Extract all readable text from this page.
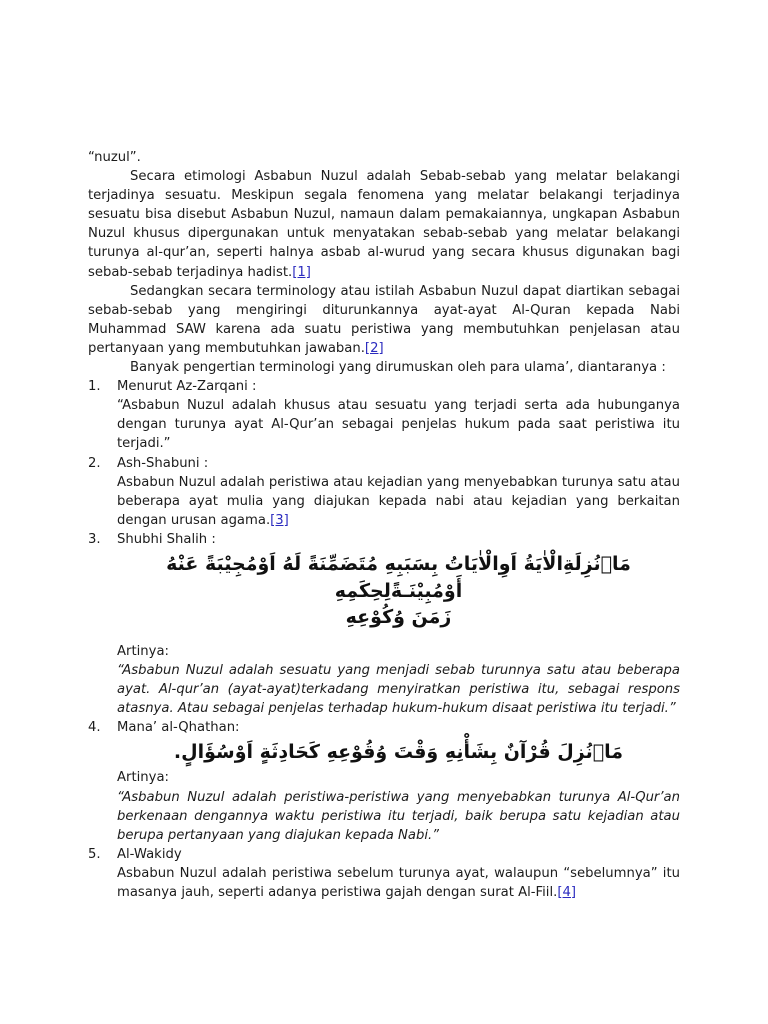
“nuzul”.

Secara etimologi Asbabun Nuzul adalah Sebab-sebab yang melatar belakangi terjadinya sesuatu. Meskipun segala fenomena yang melatar belakangi terjadinya sesuatu bisa disebut Asbabun Nuzul, namaun dalam pemakaiannya, ungkapan Asbabun Nuzul khusus dipergunakan untuk menyatakan sebab-sebab yang melatar belakangi turunya al-qur’an, seperti halnya asbab al-wurud yang secara khusus digunakan bagi sebab-sebab terjadinya hadist.[1]

Sedangkan secara terminology atau istilah Asbabun Nuzul dapat diartikan sebagai sebab-sebab yang mengiringi diturunkannya ayat-ayat Al-Quran kepada Nabi Muhammad SAW karena ada suatu peristiwa yang membutuhkan penjelasan atau pertanyaan yang membutuhkan jawaban.[2]

Banyak pengertian terminologi yang dirumuskan oleh para ulama’, diantaranya :

1.	Menurut Az-Zarqani :
“Asbabun Nuzul adalah khusus atau sesuatu yang terjadi serta ada hubunganya dengan turunya ayat Al-Qur’an sebagai penjelas hukum pada saat peristiwa itu terjadi.”
2.	Ash-Shabuni :
Asbabun Nuzul adalah peristiwa atau kejadian yang menyebabkan turunya satu atau beberapa ayat mulia yang diajukan kepada nabi atau kejadian yang berkaitan dengan urusan agama.[3]
3.	Shubhi Shalih :
مَاۢنُزِلَةِالْاٰيَةُ اَوِالْاٰيَاتُ بِسَبَبِهِ مُتَضَمِّنَةً لَهُ اَوْمُجِيْبَةً عَنْهُ أَوْمُبِيْنَـةًلِحِكَمِهِ
زَمَنَ وُكُوْعِهِ
Artinya:
“Asbabun Nuzul adalah sesuatu yang menjadi sebab turunnya satu atau beberapa ayat. Al-qur’an (ayat-ayat)terkadang menyiratkan peristiwa itu, sebagai respons atasnya. Atau sebagai penjelas terhadap hukum-hukum disaat peristiwa itu terjadi.”
4.	Mana’ al-Qhathan:
مَاۢنُزِلَ قُرْآنٌ بِشَأْنِهِ وَقْتَ وُقُوْعِهِ كَحَادِثَةٍ اَوْسُؤَالٍ.
Artinya:
“Asbabun Nuzul adalah peristiwa-peristiwa yang menyebabkan turunya Al-Qur’an berkenaan dengannya waktu peristiwa itu terjadi, baik berupa satu kejadian atau berupa pertanyaan yang diajukan kepada Nabi.”
5.	Al-Wakidy
Asbabun Nuzul adalah peristiwa sebelum turunya ayat, walaupun “sebelumnya” itu masanya jauh, seperti adanya peristiwa gajah dengan surat Al-Fiil.[4]
